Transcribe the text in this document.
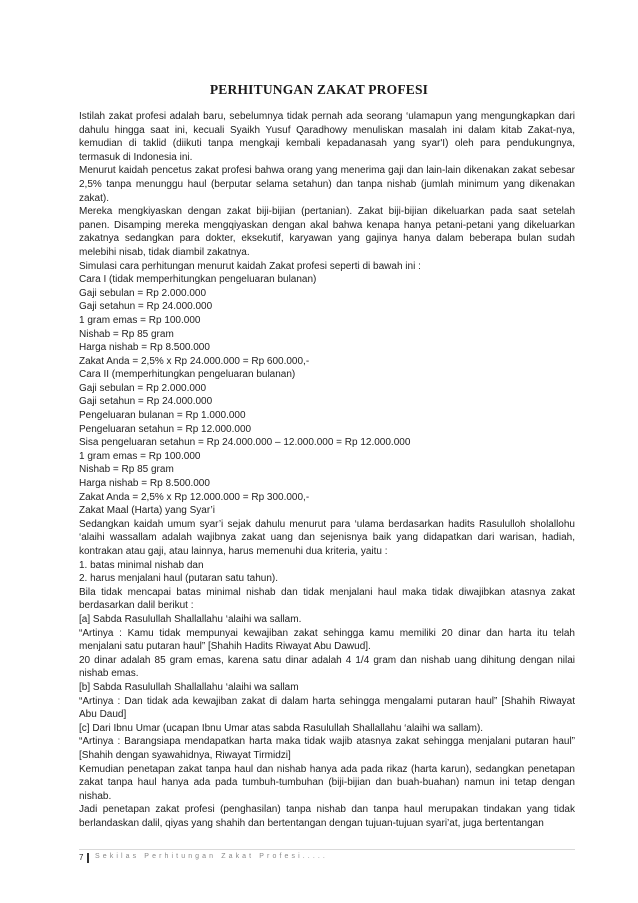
PERHITUNGAN ZAKAT PROFESI

Istilah zakat profesi adalah baru, sebelumnya tidak pernah ada seorang ‘ulamapun yang mengungkapkan dari dahulu hingga saat ini, kecuali Syaikh Yusuf Qaradhowy menuliskan masalah ini dalam kitab Zakat-nya, kemudian di taklid (diikuti tanpa mengkaji kembali kepadanasah yang syar'I) oleh para pendukungnya, termasuk di Indonesia ini.

Menurut kaidah pencetus zakat profesi bahwa orang yang menerima gaji dan lain-lain dikenakan zakat sebesar 2,5% tanpa menunggu haul (berputar selama setahun) dan tanpa nishab (jumlah minimum yang dikenakan zakat).

Mereka mengkiyaskan dengan zakat biji-bijian (pertanian). Zakat biji-bijian dikeluarkan pada saat setelah panen. Disamping mereka mengqiyaskan dengan akal bahwa kenapa hanya petani-petani yang dikeluarkan zakatnya sedangkan para dokter, eksekutif, karyawan yang gajinya hanya dalam beberapa bulan sudah melebihi nisab, tidak diambil zakatnya.

Simulasi cara perhitungan menurut kaidah Zakat profesi seperti di bawah ini :

Cara I (tidak memperhitungkan pengeluaran bulanan)

Gaji sebulan = Rp 2.000.000

Gaji setahun = Rp 24.000.000

1 gram emas = Rp 100.000

Nishab = Rp 85 gram

Harga nishab = Rp 8.500.000

Zakat Anda = 2,5% x Rp 24.000.000 = Rp 600.000,-

Cara II (memperhitungkan pengeluaran bulanan)

Gaji sebulan = Rp 2.000.000

Gaji setahun = Rp 24.000.000

Pengeluaran bulanan = Rp 1.000.000

Pengeluaran setahun = Rp 12.000.000

Sisa pengeluaran setahun = Rp 24.000.000 – 12.000.000 = Rp 12.000.000

1 gram emas = Rp 100.000

Nishab = Rp 85 gram

Harga nishab = Rp 8.500.000

Zakat Anda = 2,5% x Rp 12.000.000 = Rp 300.000,-

Zakat Maal (Harta) yang Syar’i

Sedangkan kaidah umum syar’i sejak dahulu menurut para ‘ulama berdasarkan hadits Rasululloh sholallohu ‘alaihi wassallam adalah wajibnya zakat uang dan sejenisnya baik yang didapatkan dari warisan, hadiah, kontrakan atau gaji, atau lainnya, harus memenuhi dua kriteria, yaitu :

1. batas minimal nishab dan

2. harus menjalani haul (putaran satu tahun).

Bila tidak mencapai batas minimal nishab dan tidak menjalani haul maka tidak diwajibkan atasnya zakat berdasarkan dalil berikut :

[a] Sabda Rasulullah Shallallahu ‘alaihi wa sallam.

“Artinya : Kamu tidak mempunyai kewajiban zakat sehingga kamu memiliki 20 dinar dan harta itu telah menjalani satu putaran haul” [Shahih Hadits Riwayat Abu Dawud].

20 dinar adalah 85 gram emas, karena satu dinar adalah 4 1/4 gram dan nishab uang dihitung dengan nilai nishab emas.

[b] Sabda Rasulullah Shallallahu ‘alaihi wa sallam

“Artinya : Dan tidak ada kewajiban zakat di dalam harta sehingga mengalami putaran haul” [Shahih Riwayat Abu Daud]

[c] Dari Ibnu Umar (ucapan Ibnu Umar atas sabda Rasulullah Shallallahu ‘alaihi wa sallam).

“Artinya : Barangsiapa mendapatkan harta maka tidak wajib atasnya zakat sehingga menjalani putaran haul” [Shahih dengan syawahidnya, Riwayat Tirmidzi]

Kemudian penetapan zakat tanpa haul dan nishab hanya ada pada rikaz (harta karun), sedangkan penetapan zakat tanpa haul hanya ada pada tumbuh-tumbuhan (biji-bijian dan buah-buahan) namun ini tetap dengan nishab.

Jadi penetapan zakat profesi (penghasilan) tanpa nishab dan tanpa haul merupakan tindakan yang tidak berlandaskan dalil, qiyas yang shahih dan bertentangan dengan tujuan-tujuan syari’at, juga bertentangan

7 Sekilas Perhitungan Zakat Profesi.....
